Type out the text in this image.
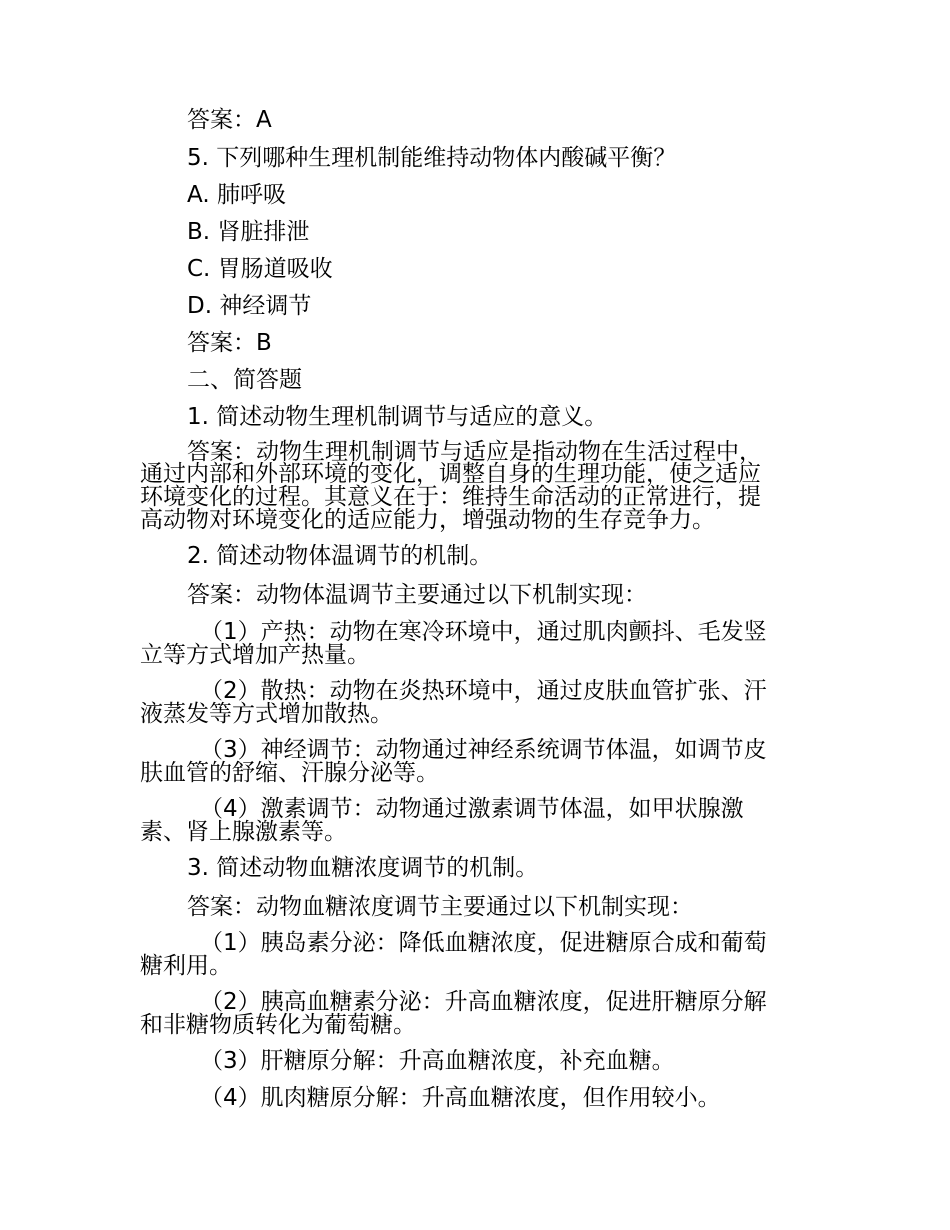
答案：A
5. 下列哪种生理机制能维持动物体内酸碱平衡？
A. 肺呼吸
B. 肾脏排泄
C. 胃肠道吸收
D. 神经调节
答案：B
二、简答题
1. 简述动物生理机制调节与适应的意义。
答案：动物生理机制调节与适应是指动物在生活过程中，
通过内部和外部环境的变化，调整自身的生理功能，使之适应
环境变化的过程。其意义在于：维持生命活动的正常进行，提
高动物对环境变化的适应能力，增强动物的生存竞争力。
2. 简述动物体温调节的机制。
答案：动物体温调节主要通过以下机制实现：
（1）产热：动物在寒冷环境中，通过肌肉颤抖、毛发竖
立等方式增加产热量。
（2）散热：动物在炎热环境中，通过皮肤血管扩张、汗
液蒸发等方式增加散热。
（3）神经调节：动物通过神经系统调节体温，如调节皮
肤血管的舒缩、汗腺分泌等。
（4）激素调节：动物通过激素调节体温，如甲状腺激
素、肾上腺激素等。
3. 简述动物血糖浓度调节的机制。
答案：动物血糖浓度调节主要通过以下机制实现：
（1）胰岛素分泌：降低血糖浓度，促进糖原合成和葡萄
糖利用。
（2）胰高血糖素分泌：升高血糖浓度，促进肝糖原分解
和非糖物质转化为葡萄糖。
（3）肝糖原分解：升高血糖浓度，补充血糖。
（4）肌肉糖原分解：升高血糖浓度，但作用较小。
